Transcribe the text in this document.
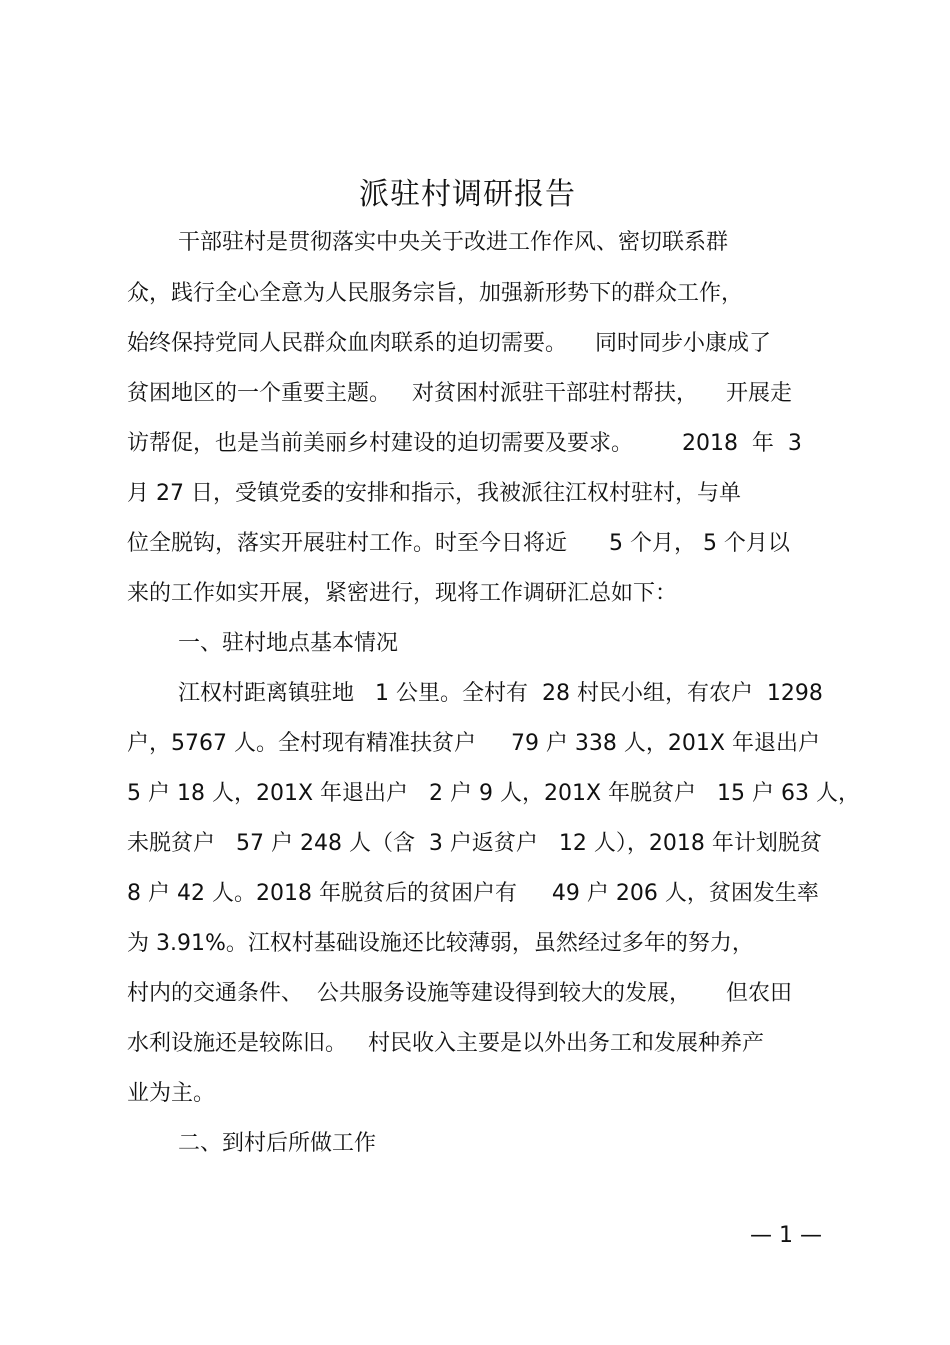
派驻村调研报告
干部驻村是贯彻落实中央关于改进工作作风、密切联系群
众，践行全心全意为人民服务宗旨，加强新形势下的群众工作，
始终保持党同人民群众血肉联系的迫切需要。    同时同步小康成了
贫困地区的一个重要主题。   对贫困村派驻干部驻村帮扶，    开展走
访帮促，也是当前美丽乡村建设的迫切需要及要求。       2018  年  3
月 27 日，受镇党委的安排和指示，我被派往江权村驻村，与单
位全脱钩，落实开展驻村工作。时至今日将近      5 个月， 5 个月以
来的工作如实开展，紧密进行，现将工作调研汇总如下：
一、驻村地点基本情况
江权村距离镇驻地   1 公里。全村有  28 村民小组，有农户  1298
户，5767 人。全村现有精准扶贫户     79 户 338 人，201X 年退出户
5 户 18 人，201X 年退出户   2 户 9 人，201X 年脱贫户   15 户 63 人，
未脱贫户   57 户 248 人（含  3 户返贫户   12 人），2018 年计划脱贫
8 户 42 人。2018 年脱贫后的贫困户有     49 户 206 人，贫困发生率
为 3.91%。江权村基础设施还比较薄弱，虽然经过多年的努力，
村内的交通条件、  公共服务设施等建设得到较大的发展，     但农田
水利设施还是较陈旧。   村民收入主要是以外出务工和发展种养产
业为主。
二、到村后所做工作
— 1 —
